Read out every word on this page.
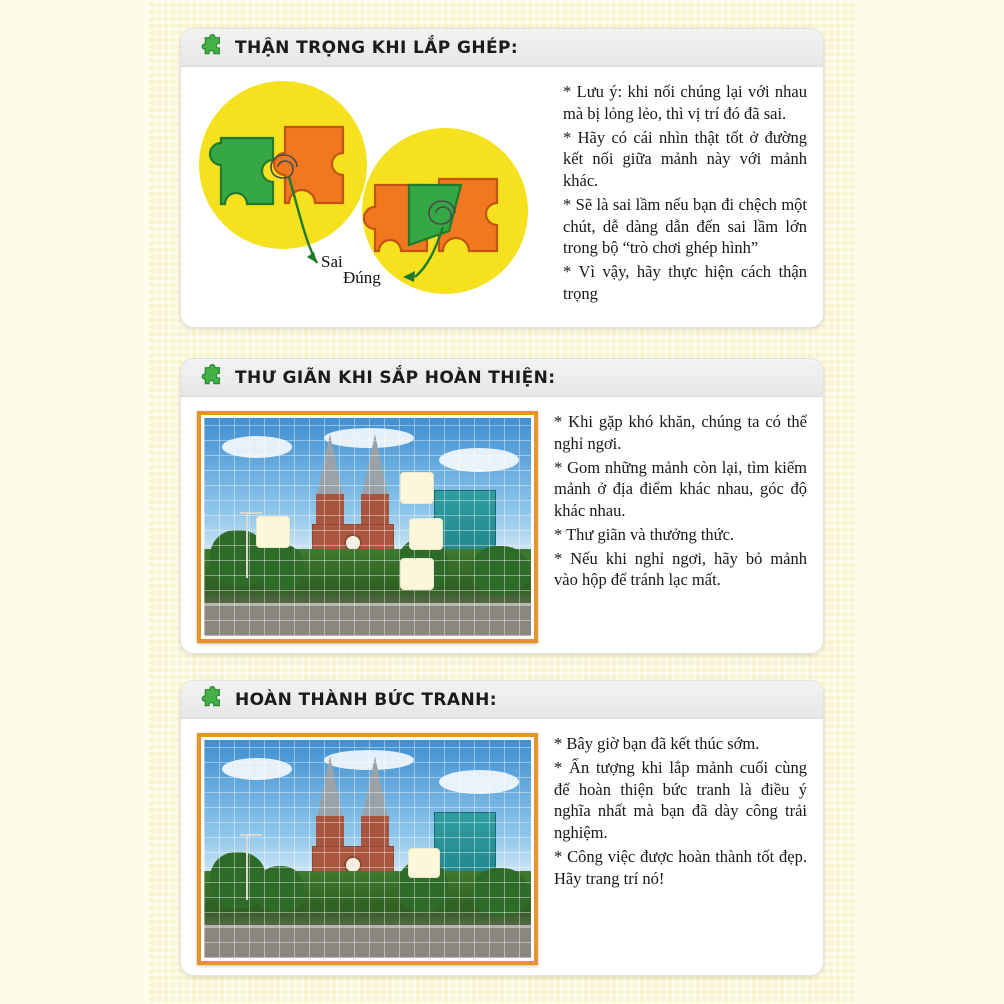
THẬN TRỌNG KHI LẮP GHÉP:
Sai
Đúng

* Lưu ý: khi nối chúng lại với nhau mà bị lỏng lẻo, thì vị trí đó đã sai.

* Hãy có cái nhìn thật tốt ở đường kết nối giữa mảnh này với mảnh khác.

* Sẽ là sai lầm nếu bạn đi chệch một chút, dễ dàng dẫn đến sai lầm lớn trong bộ “trò chơi ghép hình”

* Vì vậy, hãy thực hiện cách thận trọng

THƯ GIÃN KHI SẮP HOÀN THIỆN:

* Khi gặp khó khăn, chúng ta có thể nghỉ ngơi.

* Gom những mảnh còn lại, tìm kiếm mảnh ở địa điểm khác nhau, góc độ khác nhau.

* Thư giãn và thưởng thức.

* Nếu khi nghỉ ngơi, hãy bỏ mảnh vào hộp để tránh lạc mất.

HOÀN THÀNH BỨC TRANH:

* Bây giờ bạn đã kết thúc sớm.

* Ấn tượng khi lắp mảnh cuối cùng để hoàn thiện bức tranh là điều ý nghĩa nhất mà bạn đã dày công trải nghiệm.

* Công việc được hoàn thành tốt đẹp. Hãy trang trí nó!
